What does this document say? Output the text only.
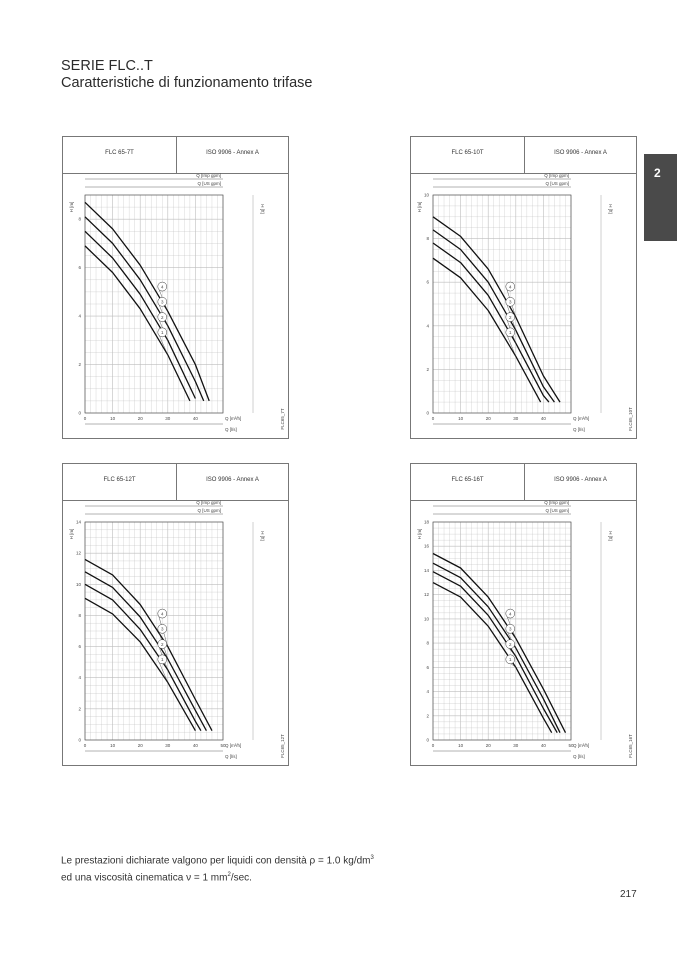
SERIE FLC..T
Caratteristiche di funzionamento trifase
2
FLC 65-7T	ISO 9906 - Annex A
Q [Imp gpm]
Q [US gpm]
H [ft]
H [m]
0
2
4
6
8
0	10	20	30	40	Q [m³/h]
Q [l/s]	FLC65_7T
4
3
2
1
FLC 65-10T	ISO 9906 - Annex A
Q [Imp gpm]
Q [US gpm]
H [ft]
H [m]
0
2
4
6
8
10
0	10	20	30	40	Q [m³/h]
Q [l/s]	FLC65_10T
4
3
2
1
FLC 65-12T	ISO 9906 - Annex A
Q [Imp gpm]
Q [US gpm]
H [ft]
H [m]
0
2
4
6
8
10
12
14
0	10	20	30	40	50 Q [m³/h]
Q [l/s]	FLC65_12T
4
3
2
1
FLC 65-16T	ISO 9906 - Annex A
Q [Imp gpm]
Q [US gpm]
H [ft]
H [m]
0
2
4
6
8
10
12
14
16
18
0	10	20	30	40	50 Q [m³/h]
Q [l/s]	FLC65_16T
4
3
2
1
Le prestazioni dichiarate valgono per liquidi con densità ρ = 1.0 $kg/dm^3$
ed una viscosità cinematica ν = 1 $mm^2/\sec$.
217
